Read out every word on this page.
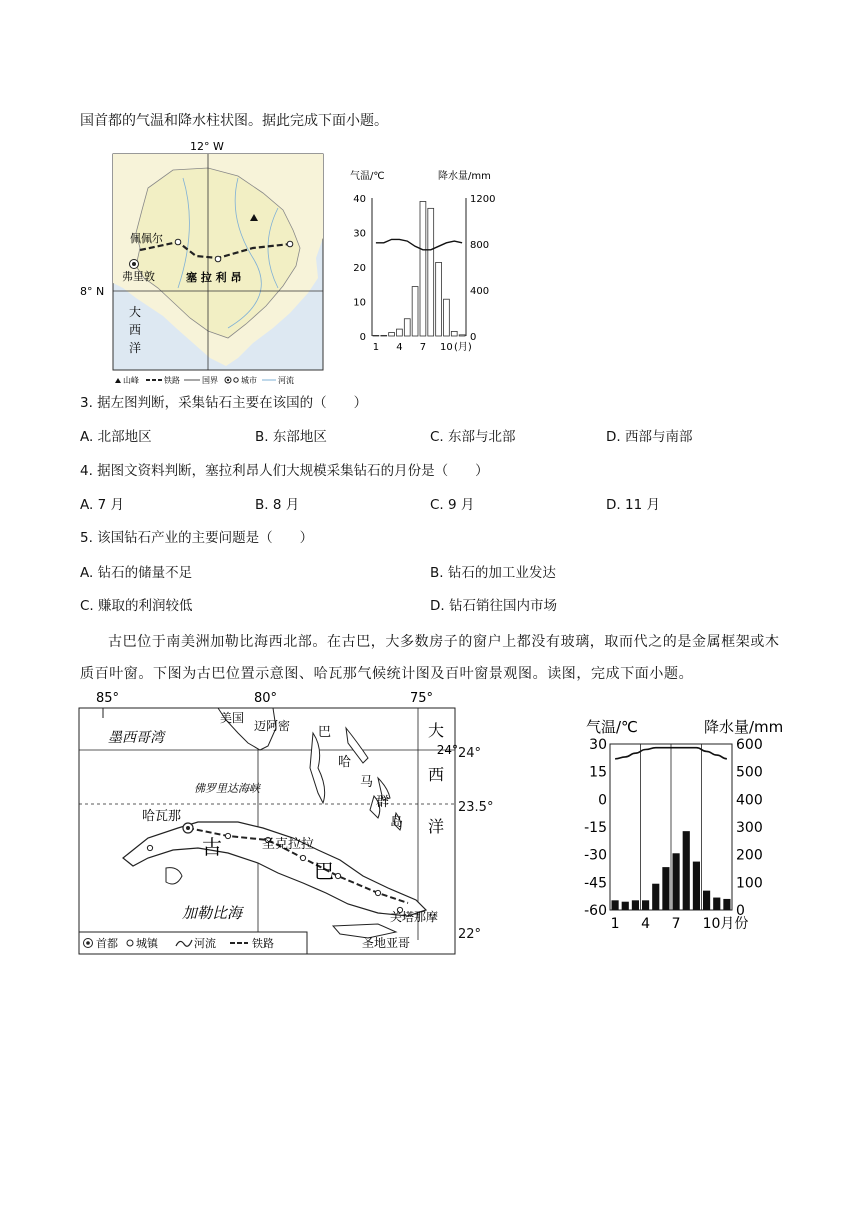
国首都的气温和降水柱状图。据此完成下面小题。
12° W
8° N
佩佩尔
弗里敦	塞 拉 利 昂
大
西
洋
山峰	铁路	国界	城市	河流
气温/℃	降水量/mm
40
30
20
10
0
1200
800
400
0
1 4 7 10 (月)
3. 据左图判断，采集钻石主要在该国的（　　）
A. 北部地区	B. 东部地区	C. 东部与北部	D. 西部与南部
4. 据图文资料判断，塞拉利昂人们大规模采集钻石的月份是（　　）
A. 7 月	B. 8 月	C. 9 月	D. 11 月
5. 该国钻石产业的主要问题是（　　）
A. 钻石的储量不足	B. 钻石的加工业发达
C. 赚取的利润较低	D. 钻石销往国内市场
古巴位于南美洲加勒比海西北部。在古巴，大多数房子的窗户上都没有玻璃，取而代之的是金属框架或木质百叶窗。下图为古巴位置示意图、哈瓦那气候统计图及百叶窗景观图。读图，完成下面小题。
85°	80°	75°
美国
迈阿密
墨西哥湾
佛罗里达海峡
巴
哈
马
群
岛
大
西
洋
24°
哈瓦那
古
巴
圣克拉拉
加勒比海	关塔那摩
圣地亚哥
首都 城镇	河流	铁路
24°
23.5°
22°
气温/℃	降水量/mm
30
15
0
-15
-30
-45
-60
600
500
400
300
200
100
0
1 4 7 10月份
